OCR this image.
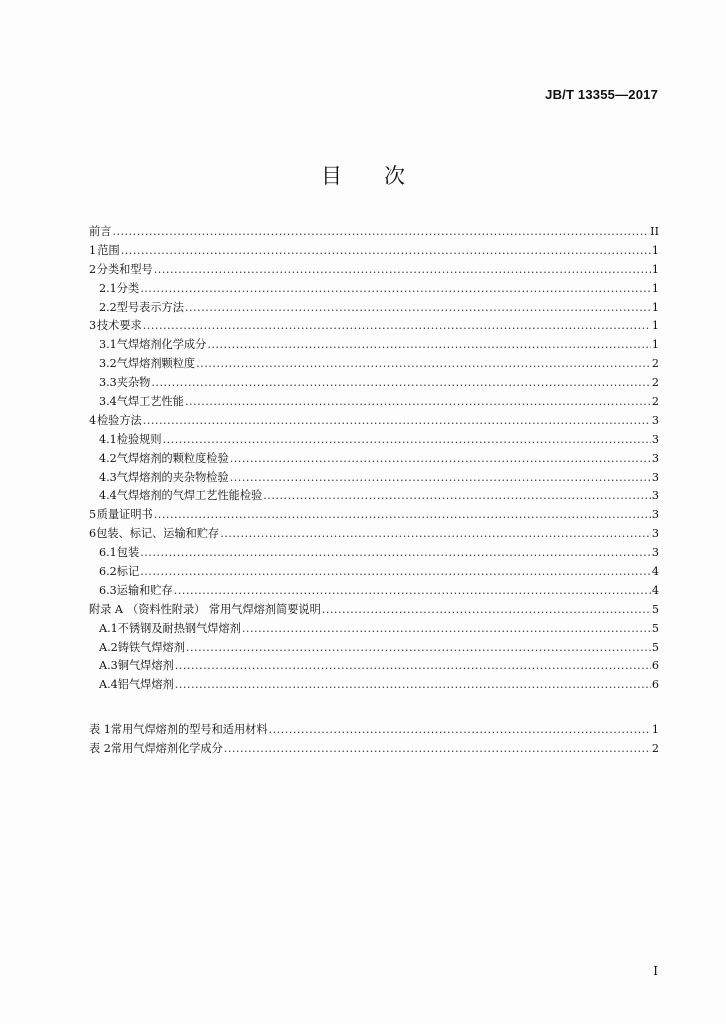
JB/T 13355—2017
目 次
前言 .....	II
1 范围 .....	1
2 分类和型号 .....	1
2.1 分类 .....	1
2.2 型号表示方法 .....	1
3 技术要求 .....	1
3.1 气焊熔剂化学成分 .....	1
3.2 气焊熔剂颗粒度 .....	2
3.3 夹杂物 .....	2
3.4 气焊工艺性能 .....	2
4 检验方法 .....	3
4.1 检验规则 .....	3
4.2 气焊熔剂的颗粒度检验 .....	3
4.3 气焊熔剂的夹杂物检验 .....	3
4.4 气焊熔剂的气焊工艺性能检验 .....	3
5 质量证明书 .....	3
6 包装、标记、运输和贮存 .....	3
6.1 包装 .....	3
6.2 标记 .....	4
6.3 运输和贮存 .....	4
附录 A （资料性附录） 常用气焊熔剂简要说明 .....	5
A.1 不锈钢及耐热钢气焊熔剂 .....	5
A.2 铸铁气焊熔剂 .....	5
A.3 铜气焊熔剂 .....	6
A.4 铝气焊熔剂 .....	6
表 1 常用气焊熔剂的型号和适用材料 .....	1
表 2 常用气焊熔剂化学成分 .....	2
I
